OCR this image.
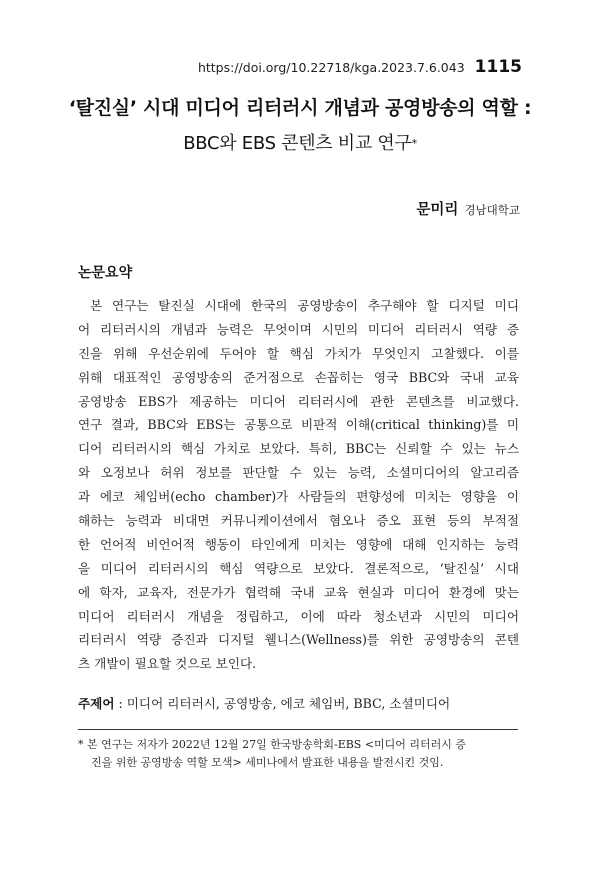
https://doi.org/10.22718/kga.2023.7.6.043 1115
‘탈진실’ 시대 미디어 리터러시 개념과 공영방송의 역할 :
BBC와 EBS 콘텐츠 비교 연구*
문미리 경남대학교
논문요약

본 연구는 탈진실 시대에 한국의 공영방송이 추구해야 할 디지털 미디
어 리터러시의 개념과 능력은 무엇이며 시민의 미디어 리터러시 역량 증
진을 위해 우선순위에 두어야 할 핵심 가치가 무엇인지 고찰했다. 이를
위해 대표적인 공영방송의 준거점으로 손꼽히는 영국 BBC와 국내 교육
공영방송 EBS가 제공하는 미디어 리터러시에 관한 콘텐츠를 비교했다.
연구 결과, BBC와 EBS는 공통으로 비판적 이해(critical thinking)를 미
디어 리터러시의 핵심 가치로 보았다. 특히, BBC는 신뢰할 수 있는 뉴스
와 오정보나 허위 정보를 판단할 수 있는 능력, 소셜미디어의 알고리즘
과 에코 체임버(echo chamber)가 사람들의 편향성에 미치는 영향을 이
해하는 능력과 비대면 커뮤니케이션에서 혐오나 증오 표현 등의 부적절
한 언어적 비언어적 행동이 타인에게 미치는 영향에 대해 인지하는 능력
을 미디어 리터러시의 핵심 역량으로 보았다. 결론적으로, ‘탈진실’ 시대
에 학자, 교육자, 전문가가 협력해 국내 교육 현실과 미디어 환경에 맞는
미디어 리터러시 개념을 정립하고, 이에 따라 청소년과 시민의 미디어
리터러시 역량 증진과 디지털 웰니스(Wellness)를 위한 공영방송의 콘텐
츠 개발이 필요할 것으로 보인다.

주제어 : 미디어 리터러시, 공영방송, 에코 체임버, BBC, 소셜미디어
* 본 연구는 저자가 2022년 12월 27일 한국방송학회-EBS <미디어 리터러시 증
진을 위한 공영방송 역할 모색> 세미나에서 발표한 내용을 발전시킨 것임.
